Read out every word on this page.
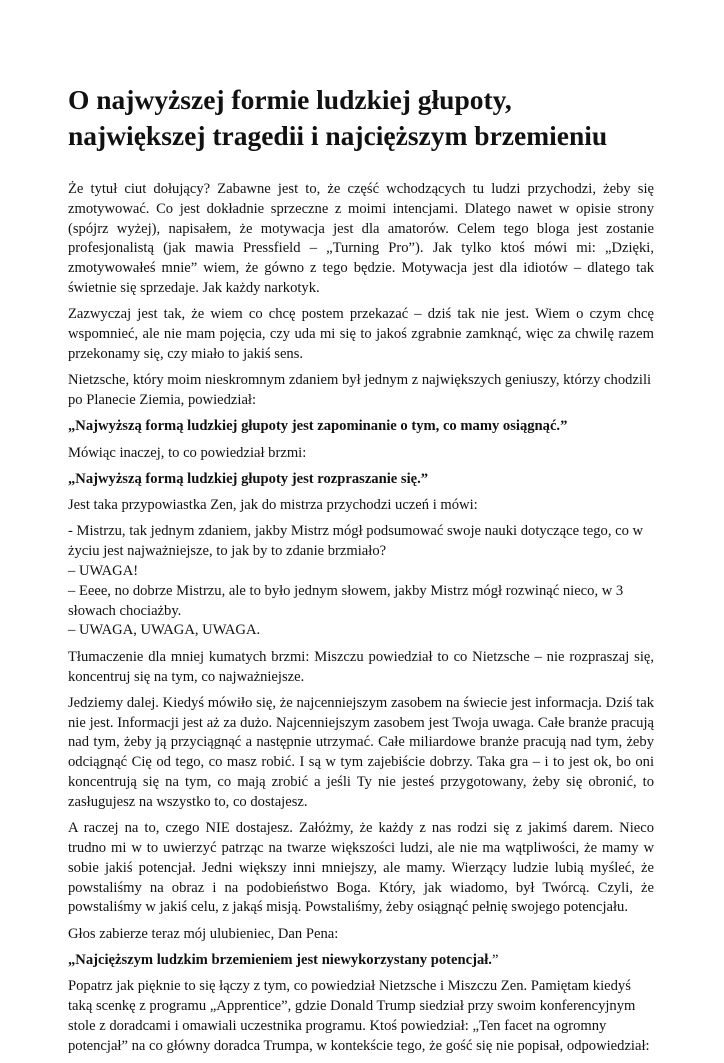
O najwyższej formie ludzkiej głupoty,
największej tragedii i najcięższym brzemieniu

Że tytuł ciut dołujący? Zabawne jest to, że część wchodzących tu ludzi przychodzi, żeby się zmotywować. Co jest dokładnie sprzeczne z moimi intencjami. Dlatego nawet w opisie strony (spójrz wyżej), napisałem, że motywacja jest dla amatorów. Celem tego bloga jest zostanie profesjonalistą (jak mawia Pressfield – „Turning Pro”). Jak tylko ktoś mówi mi: „Dzięki, zmotywowałeś mnie” wiem, że gówno z tego będzie. Motywacja jest dla idiotów – dlatego tak świetnie się sprzedaje. Jak każdy narkotyk.

Zazwyczaj jest tak, że wiem co chcę postem przekazać – dziś tak nie jest. Wiem o czym chcę wspomnieć, ale nie mam pojęcia, czy uda mi się to jakoś zgrabnie zamknąć, więc za chwilę razem przekonamy się, czy miało to jakiś sens.

Nietzsche, który moim nieskromnym zdaniem był jednym z największych geniuszy, którzy chodzili po Planecie Ziemia, powiedział:

„Najwyższą formą ludzkiej głupoty jest zapominanie o tym, co mamy osiągnąć.”

Mówiąc inaczej, to co powiedział brzmi:

„Najwyższą formą ludzkiej głupoty jest rozpraszanie się.”

Jest taka przypowiastka Zen, jak do mistrza przychodzi uczeń i mówi:

- Mistrzu, tak jednym zdaniem, jakby Mistrz mógł podsumować swoje nauki dotyczące tego, co w życiu jest najważniejsze, to jak by to zdanie brzmiało?
– UWAGA!
– Eeee, no dobrze Mistrzu, ale to było jednym słowem, jakby Mistrz mógł rozwinąć nieco, w 3 słowach chociażby.
– UWAGA, UWAGA, UWAGA.

Tłumaczenie dla mniej kumatych brzmi: Miszczu powiedział to co Nietzsche – nie rozpraszaj się, koncentruj się na tym, co najważniejsze.

Jedziemy dalej. Kiedyś mówiło się, że najcenniejszym zasobem na świecie jest informacja. Dziś tak nie jest. Informacji jest aż za dużo. Najcenniejszym zasobem jest Twoja uwaga. Całe branże pracują nad tym, żeby ją przyciągnąć a następnie utrzymać. Całe miliardowe branże pracują nad tym, żeby odciągnąć Cię od tego, co masz robić. I są w tym zajebiście dobrzy. Taka gra – i to jest ok, bo oni koncentrują się na tym, co mają zrobić a jeśli Ty nie jesteś przygotowany, żeby się obronić, to zasługujesz na wszystko to, co dostajesz.

A raczej na to, czego NIE dostajesz. Załóżmy, że każdy z nas rodzi się z jakimś darem. Nieco trudno mi w to uwierzyć patrząc na twarze większości ludzi, ale nie ma wątpliwości, że mamy w sobie jakiś potencjał. Jedni większy inni mniejszy, ale mamy. Wierzący ludzie lubią myśleć, że powstaliśmy na obraz i na podobieństwo Boga. Który, jak wiadomo, był Twórcą. Czyli, że powstaliśmy w jakiś celu, z jakąś misją. Powstaliśmy, żeby osiągnąć pełnię swojego potencjału.

Głos zabierze teraz mój ulubieniec, Dan Pena:

„Najcięższym ludzkim brzemieniem jest niewykorzystany potencjał.”

Popatrz jak pięknie to się łączy z tym, co powiedział Nietzsche i Miszczu Zen. Pamiętam kiedyś taką scenkę z programu „Apprentice”, gdzie Donald Trump siedział przy swoim konferencyjnym stole z doradcami i omawiali uczestnika programu. Ktoś powiedział: „Ten facet na ogromny potencjał” na co główny doradca Trumpa, w kontekście tego, że gość się nie popisał, odpowiedział:
